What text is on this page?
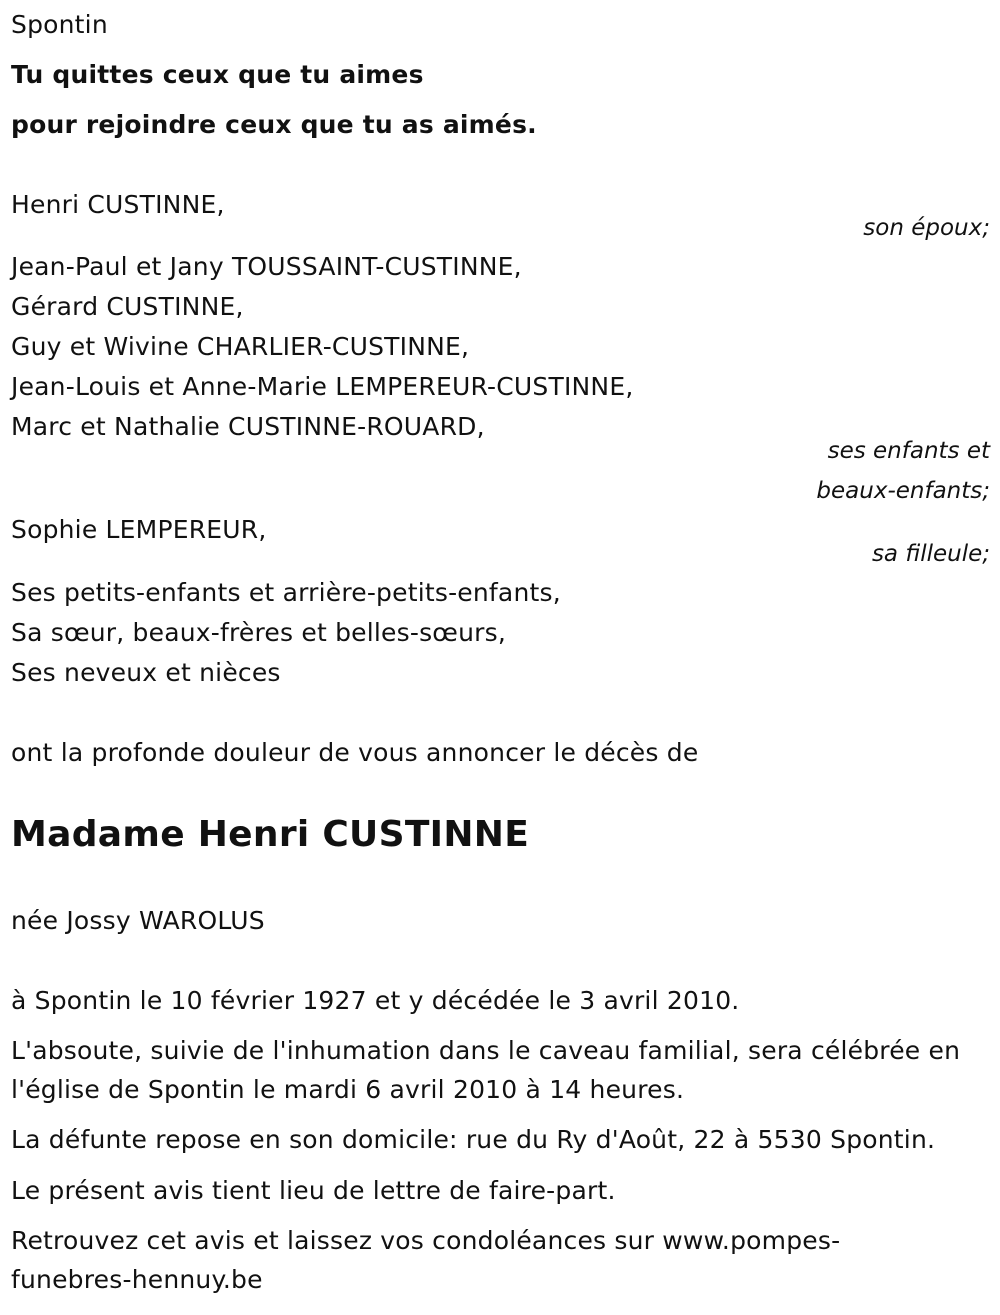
Spontin

Tu quittes ceux que tu aimes

pour rejoindre ceux que tu as aimés.

Henri CUSTINNE,

son époux;

Jean-Paul et Jany TOUSSAINT-CUSTINNE,

Gérard CUSTINNE,

Guy et Wivine CHARLIER-CUSTINNE,

Jean-Louis et Anne-Marie LEMPEREUR-CUSTINNE,

Marc et Nathalie CUSTINNE-ROUARD,

ses enfants et

beaux-enfants;

Sophie LEMPEREUR,

sa filleule;

Ses petits-enfants et arrière-petits-enfants,

Sa sœur, beaux-frères et belles-sœurs,

Ses neveux et nièces

ont la profonde douleur de vous annoncer le décès de

Madame Henri CUSTINNE

née Jossy WAROLUS

à Spontin le 10 février 1927 et y décédée le 3 avril 2010.

L'absoute, suivie de l'inhumation dans le caveau familial, sera célébrée en

l'église de Spontin le mardi 6 avril 2010 à 14 heures.

La défunte repose en son domicile: rue du Ry d'Août, 22 à 5530 Spontin.

Le présent avis tient lieu de lettre de faire-part.

Retrouvez cet avis et laissez vos condoléances sur www.pompes-

funebres-hennuy.be
